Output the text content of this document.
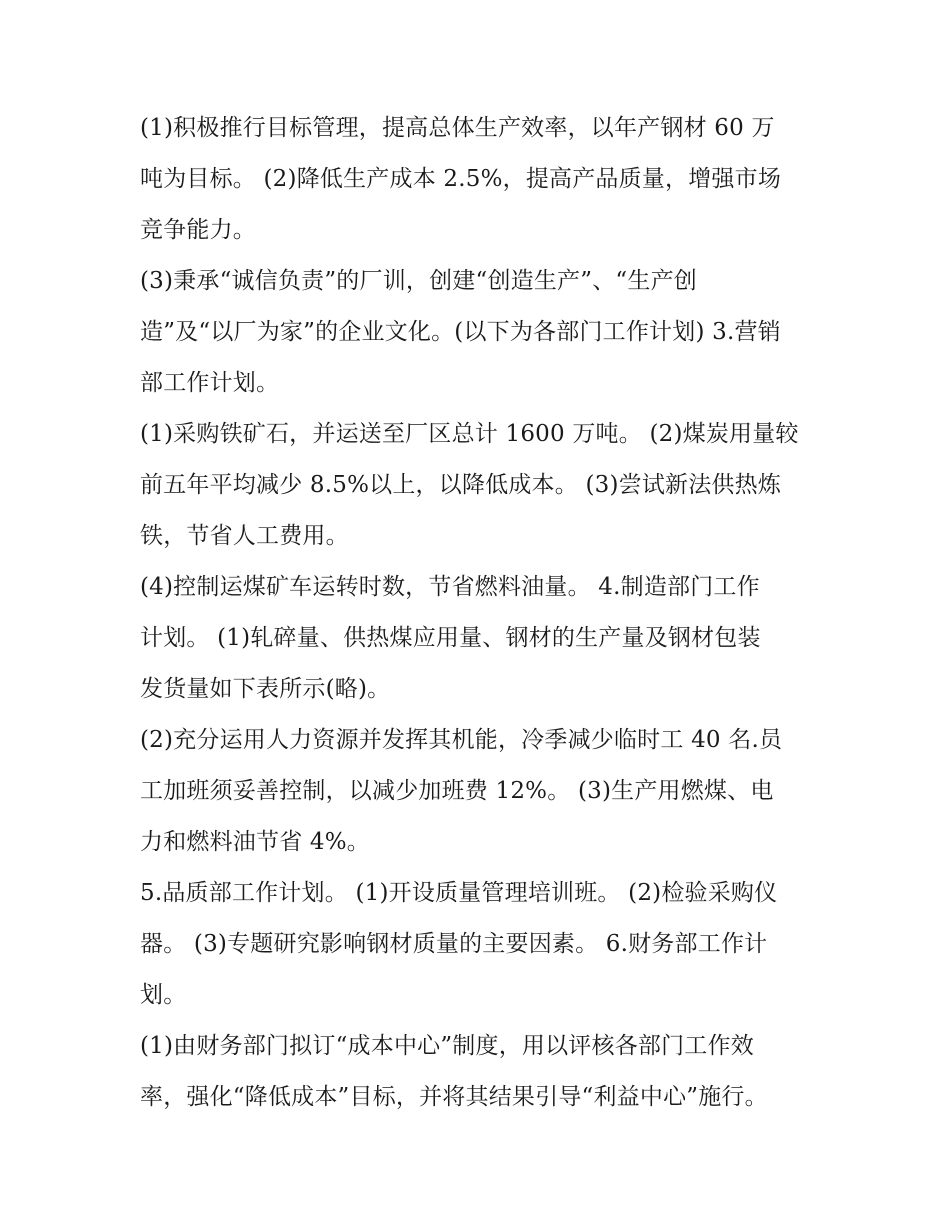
(1)积极推行目标管理，提高总体生产效率，以年产钢材 60 万
吨为目标。 (2)降低生产成本 2.5%，提高产品质量，增强市场
竞争能力。
(3)秉承“诚信负责”的厂训，创建“创造生产”、“生产创
造”及“以厂为家”的企业文化。(以下为各部门工作计划) 3.营销
部工作计划。
(1)采购铁矿石，并运送至厂区总计 1600 万吨。 (2)煤炭用量较
前五年平均减少 8.5%以上，以降低成本。 (3)尝试新法供热炼
铁，节省人工费用。
(4)控制运煤矿车运转时数，节省燃料油量。 4.制造部门工作
计划。 (1)轧碎量、供热煤应用量、钢材的生产量及钢材包装
发货量如下表所示(略)。
(2)充分运用人力资源并发挥其机能，冷季减少临时工 40 名.员
工加班须妥善控制，以减少加班费 12%。 (3)生产用燃煤、电
力和燃料油节省 4%。
5.品质部工作计划。 (1)开设质量管理培训班。 (2)检验采购仪
器。 (3)专题研究影响钢材质量的主要因素。 6.财务部工作计
划。
(1)由财务部门拟订“成本中心”制度，用以评核各部门工作效
率，强化“降低成本”目标，并将其结果引导“利益中心”施行。
